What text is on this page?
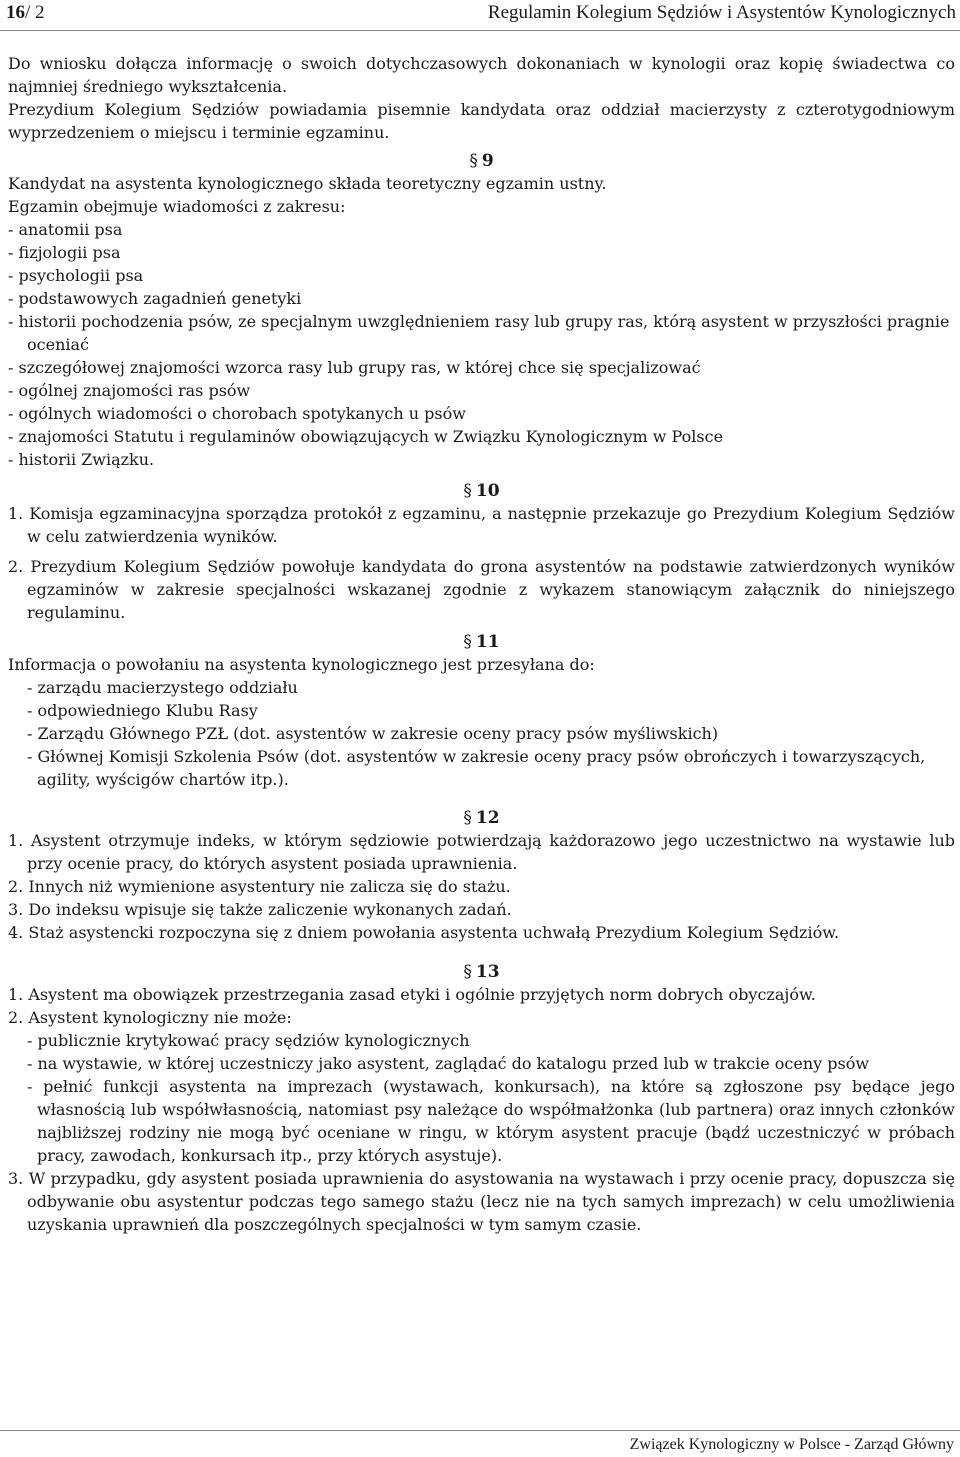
16/ 2	Regulamin Kolegium Sędziów i Asystentów Kynologicznych

Do wniosku dołącza informację o swoich dotychczasowych dokonaniach w kynologii oraz kopię świadectwa co najmniej średniego wykształcenia.

Prezydium Kolegium Sędziów powiadamia pisemnie kandydata oraz oddział macierzysty z czterotygodniowym wyprzedzeniem o miejscu i terminie egzaminu.

§ 9

Kandydat na asystenta kynologicznego składa teoretyczny egzamin ustny.

Egzamin obejmuje wiadomości z zakresu:

- anatomii psa

- fizjologii psa

- psychologii psa

- podstawowych zagadnień genetyki

- historii pochodzenia psów, ze specjalnym uwzględnieniem rasy lub grupy ras, którą asystent w przyszłości pragnie oceniać

- szczegółowej znajomości wzorca rasy lub grupy ras, w której chce się specjalizować

- ogólnej znajomości ras psów

- ogólnych wiadomości o chorobach spotykanych u psów

- znajomości Statutu i regulaminów obowiązujących w Związku Kynologicznym w Polsce

- historii Związku.

§ 10

1. Komisja egzaminacyjna sporządza protokół z egzaminu, a następnie przekazuje go Prezydium Kolegium Sędziów w celu zatwierdzenia wyników.

2. Prezydium Kolegium Sędziów powołuje kandydata do grona asystentów na podstawie zatwierdzonych wyników egzaminów w zakresie specjalności wskazanej zgodnie z wykazem stanowiącym załącznik do niniejszego regulaminu.

§ 11

Informacja o powołaniu na asystenta kynologicznego jest przesyłana do:

- zarządu macierzystego oddziału

- odpowiedniego Klubu Rasy

- Zarządu Głównego PZŁ (dot. asystentów w zakresie oceny pracy psów myśliwskich)

- Głównej Komisji Szkolenia Psów (dot. asystentów w zakresie oceny pracy psów obrończych i towarzyszących, agility, wyścigów chartów itp.).

§ 12

1. Asystent otrzymuje indeks, w którym sędziowie potwierdzają każdorazowo jego uczestnictwo na wystawie lub przy ocenie pracy, do których asystent posiada uprawnienia.

2. Innych niż wymienione asystentury nie zalicza się do stażu.

3. Do indeksu wpisuje się także zaliczenie wykonanych zadań.

4. Staż asystencki rozpoczyna się z dniem powołania asystenta uchwałą Prezydium Kolegium Sędziów.

§ 13

1. Asystent ma obowiązek przestrzegania zasad etyki i ogólnie przyjętych norm dobrych obyczajów.

2. Asystent kynologiczny nie może:

- publicznie krytykować pracy sędziów kynologicznych

- na wystawie, w której uczestniczy jako asystent, zaglądać do katalogu przed lub w trakcie oceny psów

- pełnić funkcji asystenta na imprezach (wystawach, konkursach), na które są zgłoszone psy będące jego własnością lub współwłasnością, natomiast psy należące do współmałżonka (lub partnera) oraz innych członków najbliższej rodziny nie mogą być oceniane w ringu, w którym asystent pracuje (bądź uczestniczyć w próbach pracy, zawodach, konkursach itp., przy których asystuje).

3. W przypadku, gdy asystent posiada uprawnienia do asystowania na wystawach i przy ocenie pracy, dopuszcza się odbywanie obu asystentur podczas tego samego stażu (lecz nie na tych samych imprezach) w celu umożliwienia uzyskania uprawnień dla poszczególnych specjalności w tym samym czasie.

Związek Kynologiczny w Polsce - Zarząd Główny
